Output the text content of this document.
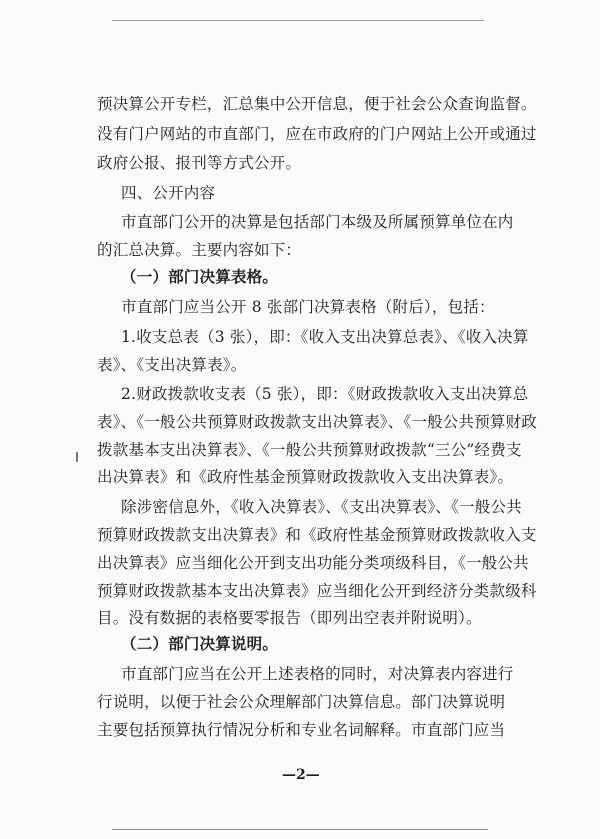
预决算公开专栏，汇总集中公开信息，便于社会公众查询监督。
没有门户网站的市直部门，应在市政府的门户网站上公开或通过
政府公报、报刊等方式公开。
四、公开内容
市直部门公开的决算是包括部门本级及所属预算单位在内
的汇总决算。主要内容如下：
（一）部门决算表格。
市直部门应当公开 8 张部门决算表格（附后），包括：
1.收支总表（3 张），即：《收入支出决算总表》、《收入决算
表》、《支出决算表》。
2.财政拨款收支表（5 张），即：《财政拨款收入支出决算总
表》、《一般公共预算财政拨款支出决算表》、《一般公共预算财政
拨款基本支出决算表》、《一般公共预算财政拨款“三公”经费支
出决算表》和《政府性基金预算财政拨款收入支出决算表》。
除涉密信息外，《收入决算表》、《支出决算表》、《一般公共
预算财政拨款支出决算表》和《政府性基金预算财政拨款收入支
出决算表》应当细化公开到支出功能分类项级科目，《一般公共
预算财政拨款基本支出决算表》应当细化公开到经济分类款级科
目。没有数据的表格要零报告（即列出空表并附说明）。
（二）部门决算说明。
市直部门应当在公开上述表格的同时，对决算表内容进行
行说明，以便于社会公众理解部门决算信息。部门决算说明
主要包括预算执行情况分析和专业名词解释。市直部门应当
—2—
